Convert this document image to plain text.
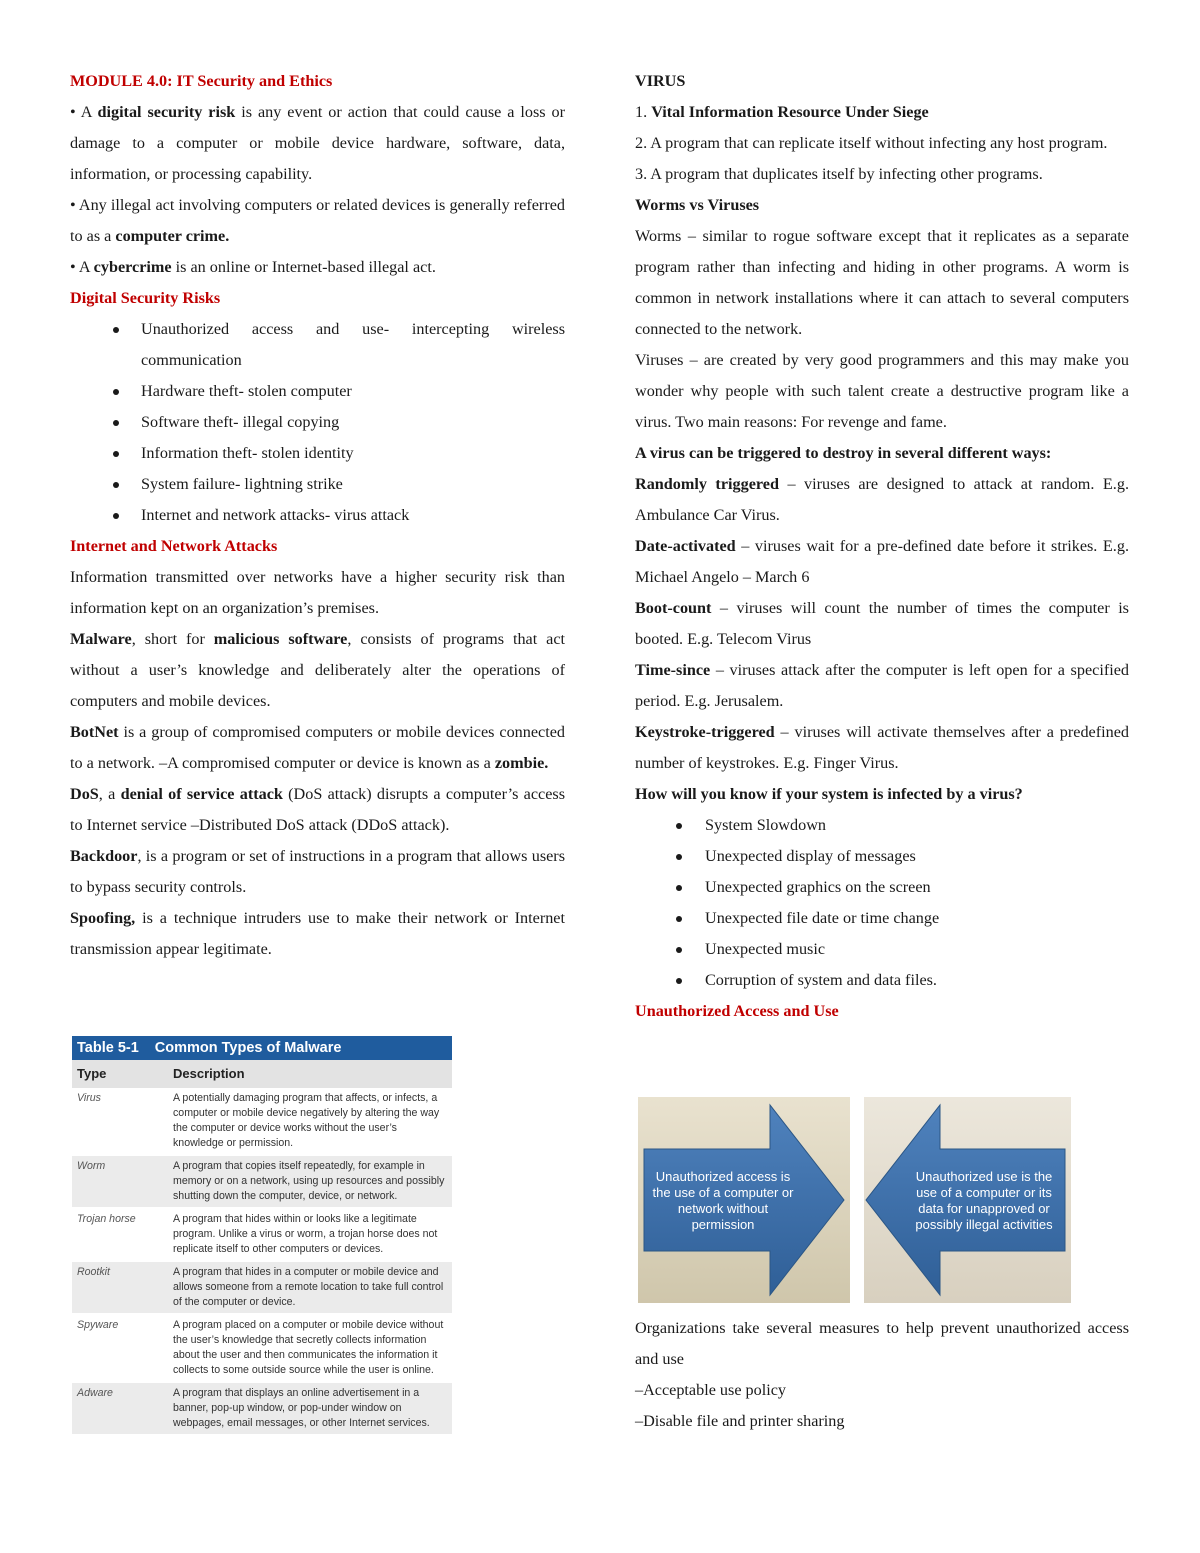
MODULE 4.0: IT Security and Ethics

• A digital security risk is any event or action that could cause a loss or damage to a computer or mobile device hardware, software, data, information, or processing capability.

• Any illegal act involving computers or related devices is generally referred to as a computer crime.

• A cybercrime is an online or Internet-based illegal act.

Digital Security Risks

Unauthorized access and use- intercepting wireless communication
Hardware theft- stolen computer
Software theft- illegal copying
Information theft- stolen identity
System failure- lightning strike
Internet and network attacks- virus attack

Internet and Network Attacks

Information transmitted over networks have a higher security risk than information kept on an organization’s premises.

Malware, short for malicious software, consists of programs that act without a user’s knowledge and deliberately alter the operations of computers and mobile devices.

BotNet is a group of compromised computers or mobile devices connected to a network. –A compromised computer or device is known as a zombie.

DoS, a denial of service attack (DoS attack) disrupts a computer’s access to Internet service –Distributed DoS attack (DDoS attack).

Backdoor, is a program or set of instructions in a program that allows users to bypass security controls.

Spoofing, is a technique intruders use to make their network or Internet transmission appear legitimate.

Table 5-1 Common Types of Malware
Type	Description
Virus	A potentially damaging program that affects, or infects, a computer or mobile device negatively by altering the way the computer or device works without the user’s knowledge or permission.
Worm	A program that copies itself repeatedly, for example in memory or on a network, using up resources and possibly shutting down the computer, device, or network.
Trojan horse	A program that hides within or looks like a legitimate program. Unlike a virus or worm, a trojan horse does not replicate itself to other computers or devices.
Rootkit	A program that hides in a computer or mobile device and allows someone from a remote location to take full control of the computer or device.
Spyware	A program placed on a computer or mobile device without the user’s knowledge that secretly collects information about the user and then communicates the information it collects to some outside source while the user is online.
Adware	A program that displays an online advertisement in a banner, pop-up window, or pop-under window on webpages, email messages, or other Internet services.

VIRUS

1. Vital Information Resource Under Siege

2. A program that can replicate itself without infecting any host program.

3. A program that duplicates itself by infecting other programs.

Worms vs Viruses

Worms – similar to rogue software except that it replicates as a separate program rather than infecting and hiding in other programs. A worm is common in network installations where it can attach to several computers connected to the network.

Viruses – are created by very good programmers and this may make you wonder why people with such talent create a destructive program like a virus. Two main reasons: For revenge and fame.

A virus can be triggered to destroy in several different ways:

Randomly triggered – viruses are designed to attack at random. E.g. Ambulance Car Virus.

Date-activated – viruses wait for a pre-defined date before it strikes. E.g. Michael Angelo – March 6

Boot-count – viruses will count the number of times the computer is booted. E.g. Telecom Virus

Time-since – viruses attack after the computer is left open for a specified period. E.g. Jerusalem.

Keystroke-triggered – viruses will activate themselves after a predefined number of keystrokes. E.g. Finger Virus.

How will you know if your system is infected by a virus?

System Slowdown
Unexpected display of messages
Unexpected graphics on the screen
Unexpected file date or time change
Unexpected music
Corruption of system and data files.

Unauthorized Access and Use

Unauthorized access is the use of a computer or network without permission
Unauthorized use is the use of a computer or its data for unapproved or possibly illegal activities

Organizations take several measures to help prevent unauthorized access and use

–Acceptable use policy

–Disable file and printer sharing
